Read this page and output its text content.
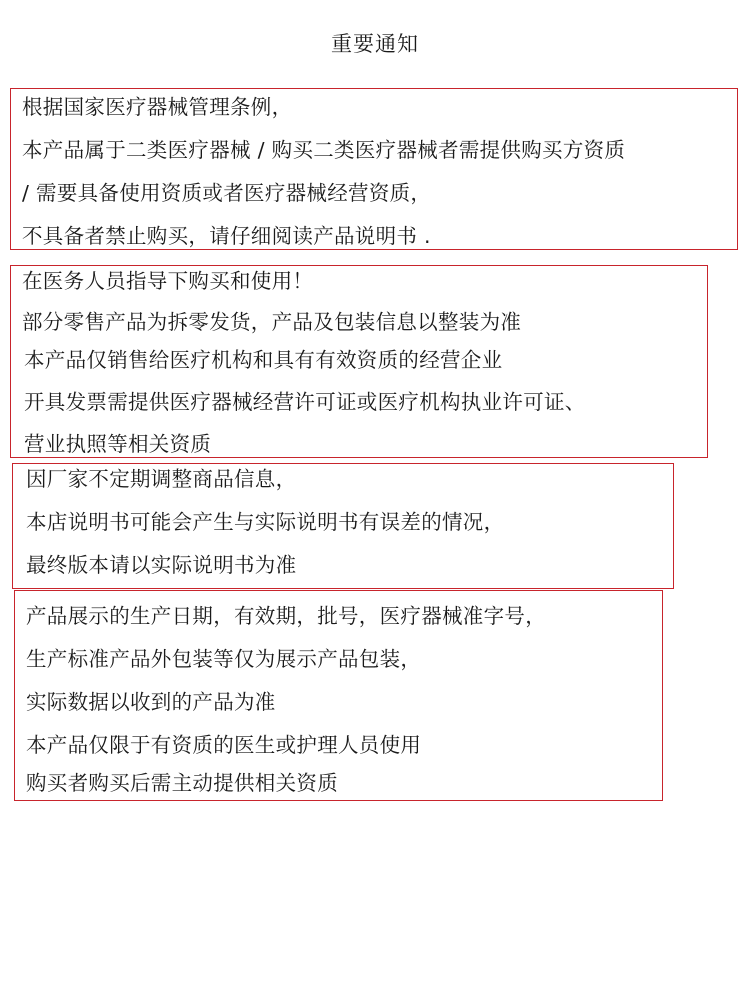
重要通知
根据国家医疗器械管理条例，
本产品属于二类医疗器械 / 购买二类医疗器械者需提供购买方资质
/ 需要具备使用资质或者医疗器械经营资质，
不具备者禁止购买，请仔细阅读产品说明书 .
在医务人员指导下购买和使用！
部分零售产品为拆零发货，产品及包装信息以整装为准
本产品仅销售给医疗机构和具有有效资质的经营企业
开具发票需提供医疗器械经营许可证或医疗机构执业许可证、
营业执照等相关资质
因厂家不定期调整商品信息，
本店说明书可能会产生与实际说明书有误差的情况，
最终版本请以实际说明书为准
产品展示的生产日期，有效期，批号，医疗器械准字号，
生产标准产品外包装等仅为展示产品包装，
实际数据以收到的产品为准
本产品仅限于有资质的医生或护理人员使用
购买者购买后需主动提供相关资质
